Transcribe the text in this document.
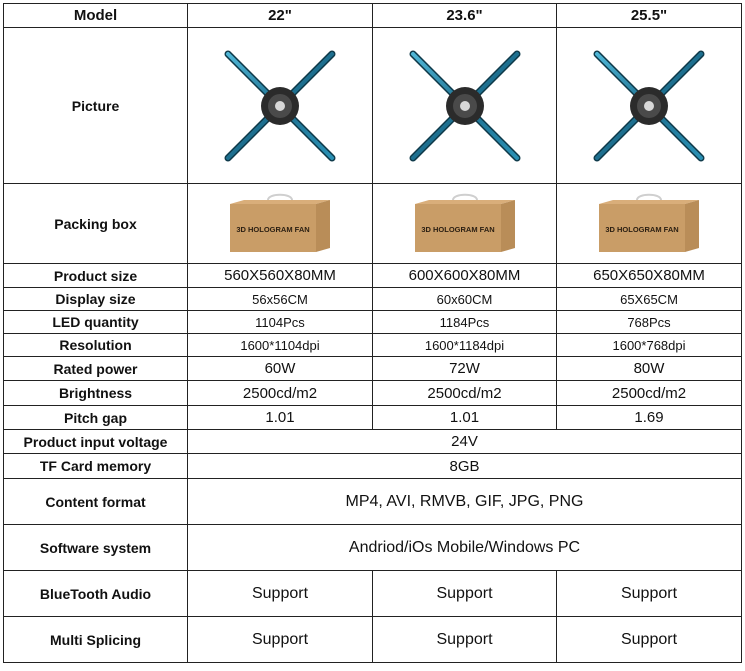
Model	22"	23.6"	25.5"
Picture	

Packing box	3D HOLOGRAM FAN	3D HOLOGRAM FAN	3D HOLOGRAM FAN

Product size	560X560X80MM	600X600X80MM	650X650X80MM
Display size	56x56CM	60x60CM	65X65CM
LED quantity	1104Pcs	1184Pcs	768Pcs
Resolution	1600*1104dpi	1600*1184dpi	1600*768dpi
Rated power	60W	72W	80W
Brightness	2500cd/m2	2500cd/m2	2500cd/m2
Pitch gap	1.01	1.01	1.69
Product input voltage	24V		
TF Card memory	8GB		
Content format	MP4, AVI, RMVB, GIF, JPG, PNG		
Software system	Andriod/iOs Mobile/Windows PC		
BlueTooth Audio	Support	Support	Support
Multi Splicing	Support	Support	Support
